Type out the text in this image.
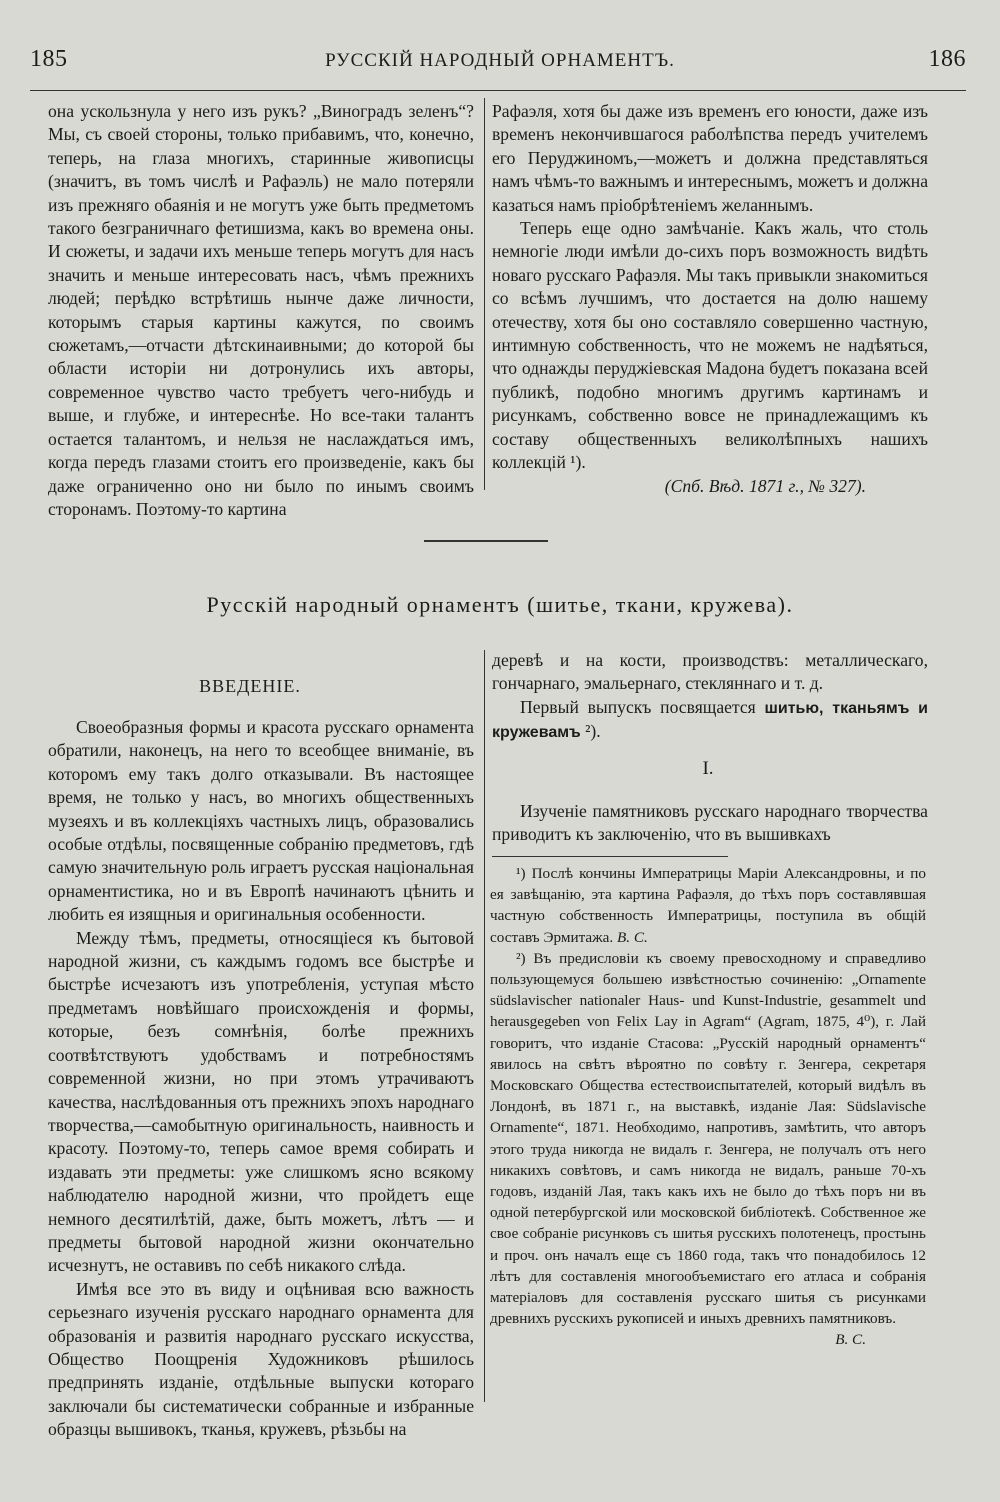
185	РУССКІЙ НАРОДНЫЙ ОРНАМЕНТЪ.	186

она ускользнула у него изъ рукъ? „Виноградъ зеленъ“? Мы, съ своей стороны, только прибавимъ, что, конечно, теперь, на глаза многихъ, старинные живописцы (значитъ, въ томъ числѣ и Рафаэль) не мало потеряли изъ прежняго обаянія и не могутъ уже быть предметомъ такого безграничнаго фетишизма, какъ во времена оны. И сюжеты, и задачи ихъ меньше теперь могутъ для насъ значить и меньше интересовать насъ, чѣмъ прежнихъ людей; перѣдко встрѣтишь нынче даже личности, которымъ старыя картины кажутся, по своимъ сюжетамъ,—отчасти дѣтскинаивными; до которой бы области исторіи ни дотронулись ихъ авторы, современное чувство часто требуетъ чего-нибудь и выше, и глубже, и интереснѣе. Но все-таки талантъ остается талантомъ, и нельзя не наслаждаться имъ, когда передъ глазами стоитъ его произведеніе, какъ бы даже ограниченно оно ни было по инымъ своимъ сторонамъ. Поэтому-то картина

Рафаэля, хотя бы даже изъ временъ его юности, даже изъ временъ некончившагося раболѣпства передъ учителемъ его Перуджиномъ,—можетъ и должна представляться намъ чѣмъ-то важнымъ и интереснымъ, можетъ и должна казаться намъ пріобрѣтеніемъ желаннымъ.

Теперь еще одно замѣчаніе. Какъ жаль, что столь немногіе люди имѣли до-сихъ поръ возможность видѣть новаго русскаго Рафаэля. Мы такъ привыкли знакомиться со всѣмъ лучшимъ, что достается на долю нашему отечеству, хотя бы оно составляло совершенно частную, интимную собственность, что не можемъ не надѣяться, что однажды перуджіевская Мадона будетъ показана всей публикѣ, подобно многимъ другимъ картинамъ и рисункамъ, собственно вовсе не принадлежащимъ къ составу общественныхъ великолѣпныхъ нашихъ коллекцій ¹).

(Спб. Вѣд. 1871 г., № 327).

Русскій народный орнаментъ (шитье, ткани, кружева).
ВВЕДЕНІЕ.

Своеобразныя формы и красота русскаго орнамента обратили, наконецъ, на него то всеобщее вниманіе, въ которомъ ему такъ долго отказывали. Въ настоящее время, не только у насъ, во многихъ общественныхъ музеяхъ и въ коллекціяхъ частныхъ лицъ, образовались особые отдѣлы, посвященные собранію предметовъ, гдѣ самую значительную роль играетъ русская національная орнаментистика, но и въ Европѣ начинаютъ цѣнить и любить ея изящныя и оригинальныя особенности.

Между тѣмъ, предметы, относящіеся къ бытовой народной жизни, съ каждымъ годомъ все быстрѣе и быстрѣе исчезаютъ изъ употребленія, уступая мѣсто предметамъ новѣйшаго происхожденія и формы, которые, безъ сомнѣнія, болѣе прежнихъ соотвѣтствуютъ удобствамъ и потребностямъ современной жизни, но при этомъ утрачиваютъ качества, наслѣдованныя отъ прежнихъ эпохъ народнаго творчества,—самобытную оригинальность, наивность и красоту. Поэтому-то, теперь самое время собирать и издавать эти предметы: уже слишкомъ ясно всякому наблюдателю народной жизни, что пройдетъ еще немного десятилѣтій, даже, быть можетъ, лѣтъ — и предметы бытовой народной жизни окончательно исчезнутъ, не оставивъ по себѣ никакого слѣда.

Имѣя все это въ виду и оцѣнивая всю важность серьезнаго изученія русскаго народнаго орнамента для образованія и развитія народнаго русскаго искусства, Общество Поощренія Художниковъ рѣшилось предпринять изданіе, отдѣльные выпуски котораго заключали бы систематически собранные и избранные образцы вышивокъ, тканья, кружевъ, рѣзьбы на

деревѣ и на кости, производствъ: металлическаго, гончарнаго, эмальернаго, стекляннаго и т. д.

Первый выпускъ посвящается шитью, тканьямъ и кружевамъ ²).

I.

Изученіе памятниковъ русскаго народнаго творчества приводитъ къ заключенію, что въ вышивкахъ

¹) Послѣ кончины Императрицы Маріи Александровны, и по ея завѣщанію, эта картина Рафаэля, до тѣхъ поръ составлявшая частную собственность Императрицы, поступила въ общій составъ Эрмитажа. В. С.

²) Въ предисловіи къ своему превосходному и справедливо пользующемуся большею извѣстностью сочиненію: „Ornamente südslavischer nationaler Haus- und Kunst-Industrie, gesammelt und herausgegeben von Felix Lay in Agram“ (Agram, 1875, 4⁰), г. Лай говоритъ, что изданіе Стасова: „Русскій народный орнаментъ“ явилось на свѣтъ вѣроятно по совѣту г. Зенгера, секретаря Московскаго Общества естествоиспытателей, который видѣлъ въ Лондонѣ, въ 1871 г., на выставкѣ, изданіе Лая: Südslavische Ornamente“, 1871. Необходимо, напротивъ, замѣтить, что авторъ этого труда никогда не видалъ г. Зенгера, не получалъ отъ него никакихъ совѣтовъ, и самъ никогда не видалъ, раньше 70-хъ годовъ, изданій Лая, такъ какъ ихъ не было до тѣхъ поръ ни въ одной петербургской или московской библіотекѣ. Собственное же свое собраніе рисунковъ съ шитья русскихъ полотенецъ, простынь и проч. онъ началъ еще съ 1860 года, такъ что понадобилось 12 лѣтъ для составленія многообъемистаго его атласа и собранія матеріаловъ для составленія русскаго шитья съ рисунками древнихъ русскихъ рукописей и иныхъ древнихъ памятниковъ.
В. С.
